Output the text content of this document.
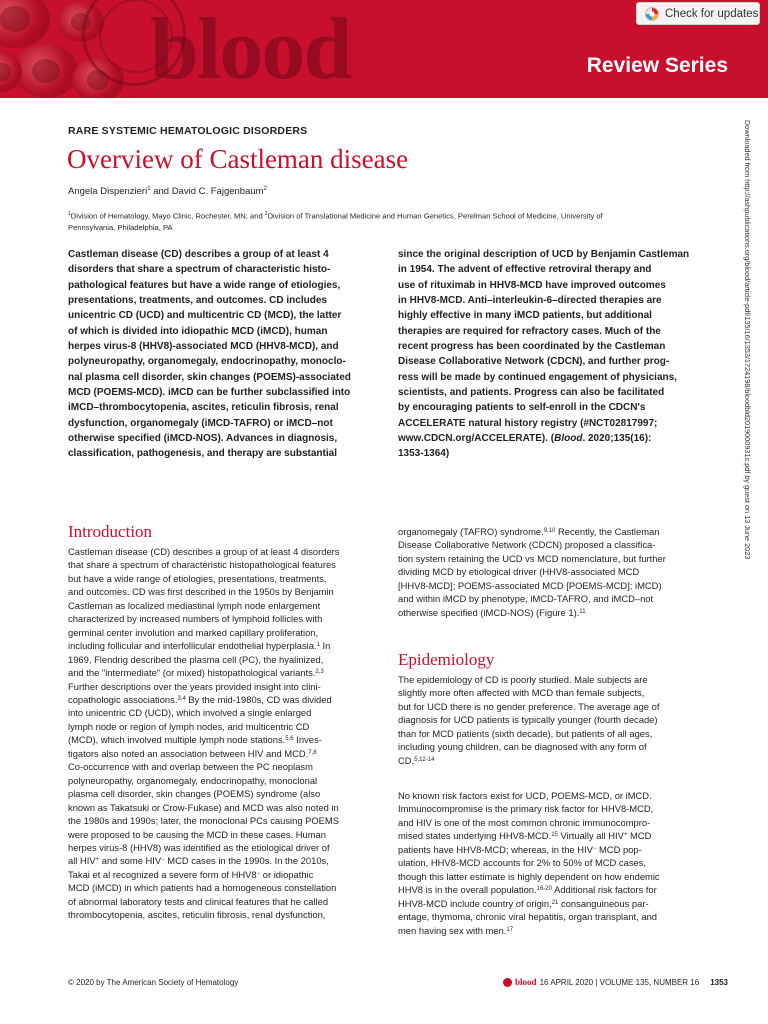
blood	Review Series
Check for updates
RARE SYSTEMIC HEMATOLOGIC DISORDERS
Overview of Castleman disease
Angela Dispenzieri$^1$ and David C. Fajgenbaum$^2$
$^1$Division of Hematology, Mayo Clinic, Rochester, MN; and $^2$Division of Translational Medicine and Human Genetics, Perelman School of Medicine, University of
Pennsylvania, Philadelphia, PA
Castleman disease (CD) describes a group of at least 4
disorders that share a spectrum of characteristic histo-
pathological features but have a wide range of etiologies,
presentations, treatments, and outcomes. CD includes
unicentric CD (UCD) and multicentric CD (MCD), the latter
of which is divided into idiopathic MCD (iMCD), human
herpes virus-8 (HHV8)-associated MCD (HHV8-MCD), and
polyneuropathy, organomegaly, endocrinopathy, monoclo-
nal plasma cell disorder, skin changes (POEMS)-associated
MCD (POEMS-MCD). iMCD can be further subclassified into
iMCD–thrombocytopenia, ascites, reticulin fibrosis, renal
dysfunction, organomegaly (iMCD-TAFRO) or iMCD–not
otherwise specified (iMCD-NOS). Advances in diagnosis,
classification, pathogenesis, and therapy are substantial
since the original description of UCD by Benjamin Castleman
in 1954. The advent of effective retroviral therapy and
use of rituximab in HHV8-MCD have improved outcomes
in HHV8-MCD. Anti–interleukin-6–directed therapies are
highly effective in many iMCD patients, but additional
therapies are required for refractory cases. Much of the
recent progress has been coordinated by the Castleman
Disease Collaborative Network (CDCN), and further prog-
ress will be made by continued engagement of physicians,
scientists, and patients. Progress can also be facilitated
by encouraging patients to self-enroll in the CDCN's
ACCELERATE natural history registry (#NCT02817997;
www.CDCN.org/ACCELERATE). (Blood. 2020;135(16):
1353-1364)
Introduction
Castleman disease (CD) describes a group of at least 4 disorders
that share a spectrum of characteristic histopathological features
but have a wide range of etiologies, presentations, treatments,
and outcomes. CD was first described in the 1950s by Benjamin
Castleman as localized mediastinal lymph node enlargement
characterized by increased numbers of lymphoid follicles with
germinal center involution and marked capillary proliferation,
including follicular and interfollicular endothelial hyperplasia.$^1$ In
1969, Flendrig described the plasma cell (PC), the hyalinized,
and the "intermediate" (or mixed) histopathological variants.$^{2,3}$
Further descriptions over the years provided insight into clini-
copathologic associations.$^{3,4}$ By the mid-1980s, CD was divided
into unicentric CD (UCD), which involved a single enlarged
lymph node or region of lymph nodes, and multicentric CD
(MCD), which involved multiple lymph node stations.$^{5,6}$ Inves-
tigators also noted an association between HIV and MCD.$^{7,8}$
Co-occurrence with and overlap between the PC neoplasm
polyneuropathy, organomegaly, endocrinopathy, monoclonal
plasma cell disorder, skin changes (POEMS) syndrome (also
known as Takatsuki or Crow-Fukase) and MCD was also noted in
the 1980s and 1990s; later, the monoclonal PCs causing POEMS
were proposed to be causing the MCD in these cases. Human
herpes virus-8 (HHV8) was identified as the etiological driver of
all HIV+ and some HIV− MCD cases in the 1990s. In the 2010s,
Takai et al recognized a severe form of HHV8− or idiopathic
MCD (iMCD) in which patients had a homogeneous constellation
of abnormal laboratory tests and clinical features that he called
thrombocytopenia, ascites, reticulin fibrosis, renal dysfunction,
organomegaly (TAFRO) syndrome.$^{9,10}$ Recently, the Castleman
Disease Collaborative Network (CDCN) proposed a classifica-
tion system retaining the UCD vs MCD nomenclature, but further
dividing MCD by etiological driver (HHV8-associated MCD
[HHV8-MCD]; POEMS-associated MCD [POEMS-MCD]; iMCD)
and within iMCD by phenotype, iMCD-TAFRO, and iMCD–not
otherwise specified (iMCD-NOS) (Figure 1).$^{11}$
Epidemiology
The epidemiology of CD is poorly studied. Male subjects are
slightly more often affected with MCD than female subjects,
but for UCD there is no gender preference. The average age of
diagnosis for UCD patients is typically younger (fourth decade)
than for MCD patients (sixth decade), but patients of all ages,
including young children, can be diagnosed with any form of
CD.$^{5,12-14}$
No known risk factors exist for UCD, POEMS-MCD, or iMCD.
Immunocompromise is the primary risk factor for HHV8-MCD,
and HIV is one of the most common chronic immunocompro-
mised states underlying HHV8-MCD.$^{15}$ Virtually all HIV+ MCD
patients have HHV8-MCD; whereas, in the HIV− MCD pop-
ulation, HHV8-MCD accounts for 2% to 50% of MCD cases,
though this latter estimate is highly dependent on how endemic
HHV8 is in the overall population.$^{16-20}$ Additional risk factors for
HHV8-MCD include country of origin,$^{21}$ consanguineous par-
entage, thymoma, chronic viral hepatitis, organ transplant, and
men having sex with men.$^{17}$
Downloaded from http://ashpublications.org/blood/article-pdf/135/16/1353/1724198/bloodbld2019000931c.pdf by guest on 13 June 2023
© 2020 by The American Society of Hematology	blood 16 APRIL 2020 | VOLUME 135, NUMBER 16 1353
